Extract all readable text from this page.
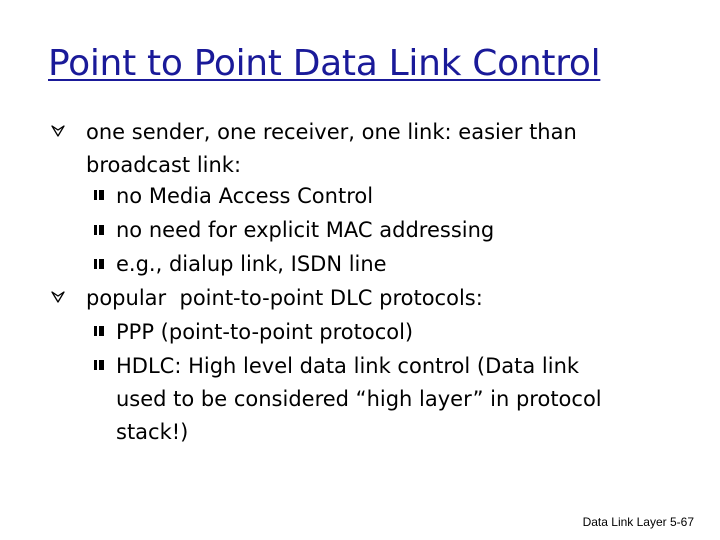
Point to Point Data Link Control
one sender, one receiver, one link: easier than broadcast link:
no Media Access Control
no need for explicit MAC addressing
e.g., dialup link, ISDN line
popular  point-to-point DLC protocols:
PPP (point-to-point protocol)
HDLC: High level data link control (Data link used to be considered “high layer” in protocol stack!)
Data Link Layer 5-67
